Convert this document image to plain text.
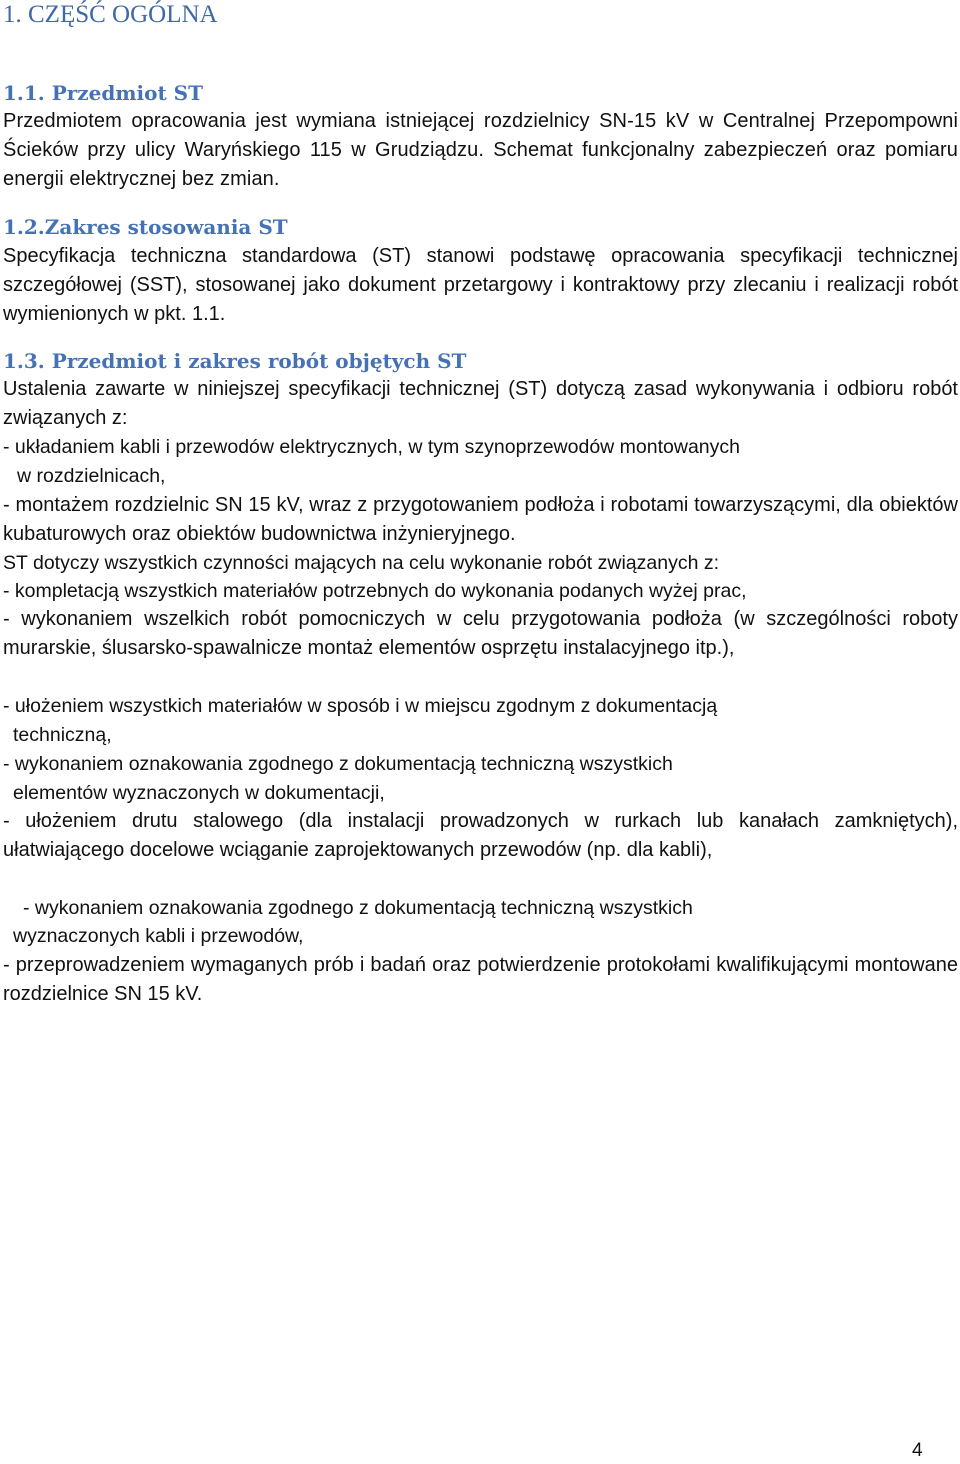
1. CZĘŚĆ OGÓLNA
1.1. Przedmiot ST

Przedmiotem opracowania jest wymiana istniejącej rozdzielnicy SN-15 kV w Centralnej Przepompowni Ścieków przy ulicy Waryńskiego 115 w Grudziądzu. Schemat funkcjonalny zabezpieczeń oraz pomiaru energii elektrycznej bez zmian.

1.2.Zakres stosowania ST

Specyfikacja techniczna standardowa (ST) stanowi podstawę opracowania specyfikacji technicznej szczegółowej (SST), stosowanej jako dokument przetargowy i kontraktowy przy zlecaniu i realizacji robót wymienionych w pkt. 1.1.

1.3. Przedmiot i zakres robót objętych ST

Ustalenia zawarte w niniejszej specyfikacji technicznej (ST) dotyczą zasad wykonywania i odbioru robót związanych z:

- układaniem kabli i przewodów elektrycznych, w tym szynoprzewodów montowanych
w rozdzielnicach,

- montażem rozdzielnic SN 15 kV, wraz z przygotowaniem podłoża i robotami towarzyszącymi, dla obiektów kubaturowych oraz obiektów budownictwa inżynieryjnego.

ST dotyczy wszystkich czynności mających na celu wykonanie robót związanych z:
- kompletacją wszystkich materiałów potrzebnych do wykonania podanych wyżej prac,

- wykonaniem wszelkich robót pomocniczych w celu przygotowania podłoża (w szczególności roboty murarskie, ślusarsko-spawalnicze montaż elementów osprzętu instalacyjnego itp.),

- ułożeniem wszystkich materiałów w sposób i w miejscu zgodnym z dokumentacją
techniczną,
- wykonaniem oznakowania zgodnego z dokumentacją techniczną wszystkich
elementów wyznaczonych w dokumentacji,

- ułożeniem drutu stalowego (dla instalacji prowadzonych w rurkach lub kanałach zamkniętych), ułatwiającego docelowe wciąganie zaprojektowanych przewodów (np. dla kabli),

- wykonaniem oznakowania zgodnego z dokumentacją techniczną wszystkich
wyznaczonych kabli i przewodów,

- przeprowadzeniem wymaganych prób i badań oraz potwierdzenie protokołami kwalifikującymi montowane rozdzielnice SN 15 kV.

4
